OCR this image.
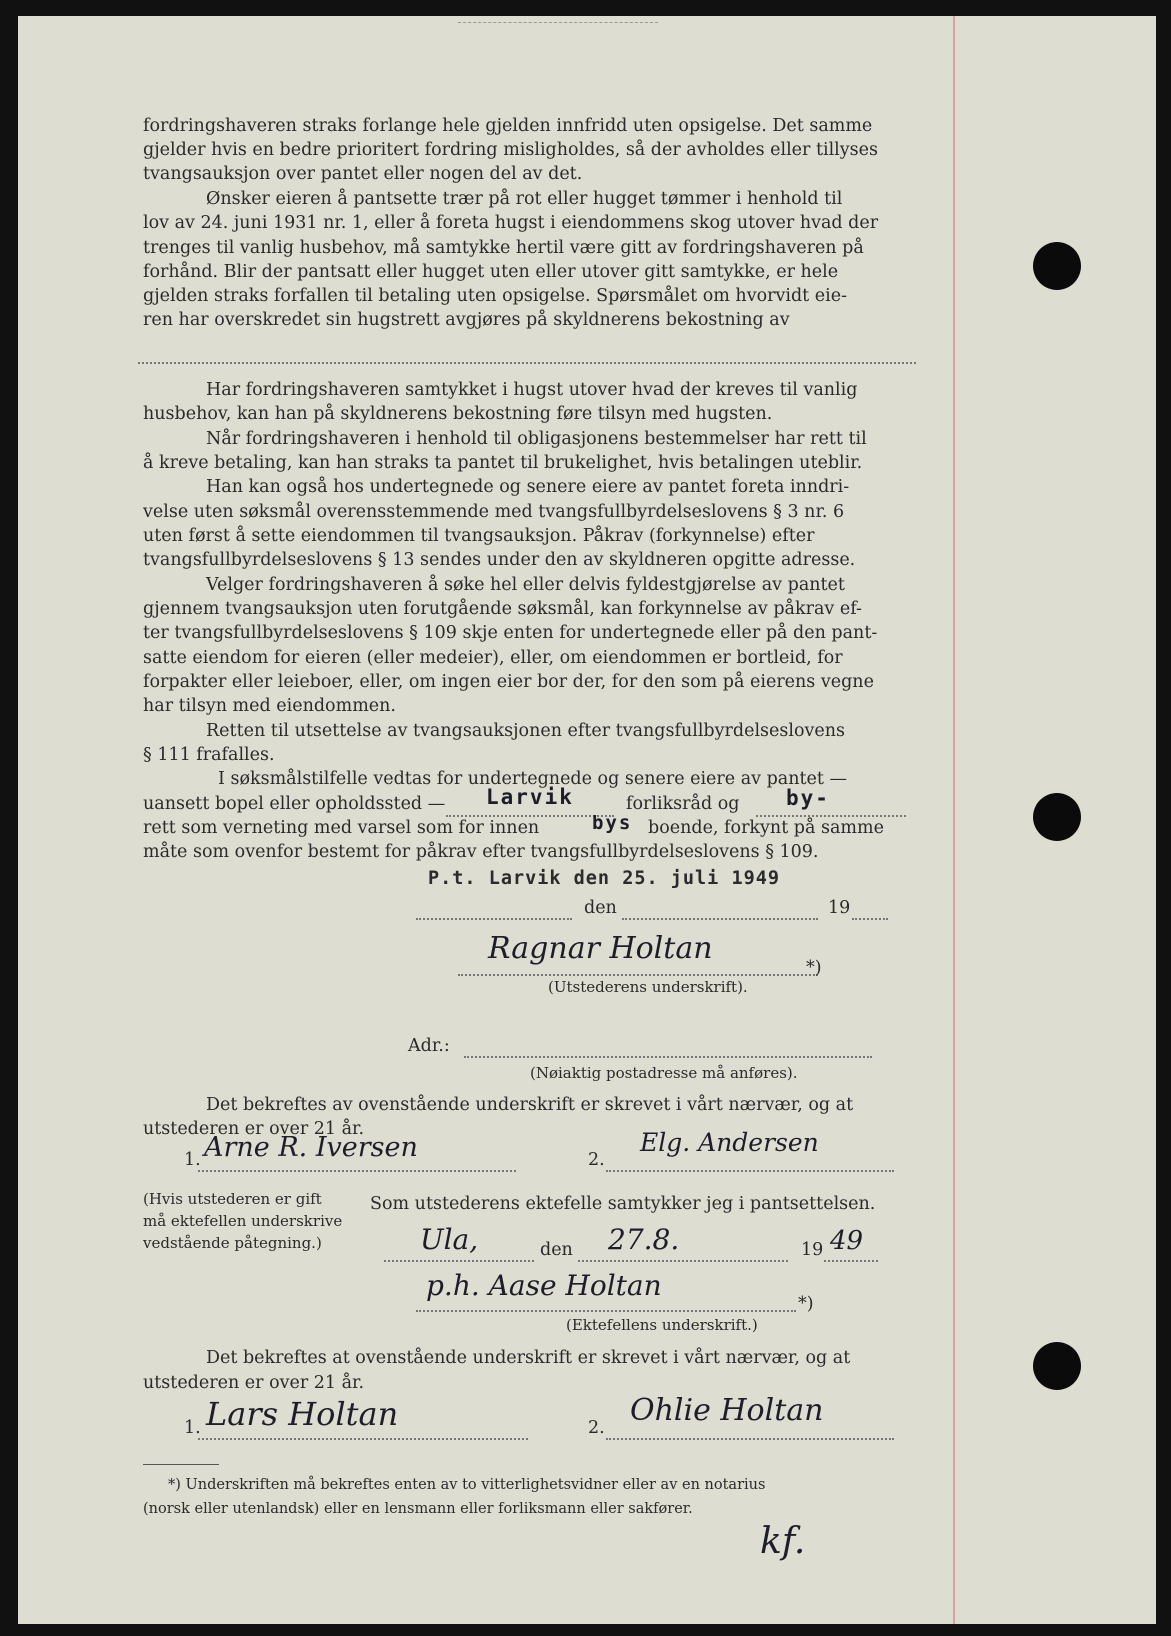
fordringshaveren straks forlange hele gjelden innfridd uten opsigelse. Det samme
gjelder hvis en bedre prioritert fordring misligholdes, så der avholdes eller tillyses
tvangsauksjon over pantet eller nogen del av det.
Ønsker eieren å pantsette trær på rot eller hugget tømmer i henhold til
lov av 24. juni 1931 nr. 1, eller å foreta hugst i eiendommens skog utover hvad der
trenges til vanlig husbehov, må samtykke hertil være gitt av fordringshaveren på
forhånd. Blir der pantsatt eller hugget uten eller utover gitt samtykke, er hele
gjelden straks forfallen til betaling uten opsigelse. Spørsmålet om hvorvidt eie-
ren har overskredet sin hugstrett avgjøres på skyldnerens bekostning av
Har fordringshaveren samtykket i hugst utover hvad der kreves til vanlig
husbehov, kan han på skyldnerens bekostning føre tilsyn med hugsten.
Når fordringshaveren i henhold til obligasjonens bestemmelser har rett til
å kreve betaling, kan han straks ta pantet til brukelighet, hvis betalingen uteblir.
Han kan også hos undertegnede og senere eiere av pantet foreta inndri-
velse uten søksmål overensstemmende med tvangsfullbyrdelseslovens § 3 nr. 6
uten først å sette eiendommen til tvangsauksjon. Påkrav (forkynnelse) efter
tvangsfullbyrdelseslovens § 13 sendes under den av skyldneren opgitte adresse.
Velger fordringshaveren å søke hel eller delvis fyldestgjørelse av pantet
gjennem tvangsauksjon uten forutgående søksmål, kan forkynnelse av påkrav ef-
ter tvangsfullbyrdelseslovens § 109 skje enten for undertegnede eller på den pant-
satte eiendom for eieren (eller medeier), eller, om eiendommen er bortleid, for
forpakter eller leieboer, eller, om ingen eier bor der, for den som på eierens vegne
har tilsyn med eiendommen.
Retten til utsettelse av tvangsauksjonen efter tvangsfullbyrdelseslovens
§ 111 frafalles.
I søksmålstilfelle vedtas for undertegnede og senere eiere av pantet —
uansett bopel eller opholdssted — Larvik	forliksråd og by-
rett som verneting med varsel som for innen	bys boende, forkynt på samme
måte som ovenfor bestemt for påkrav efter tvangsfullbyrdelseslovens § 109.
P.t. Larvik den 25. juli 1949
den	19
Ragnar Holtan
*)
(Utstederens underskrift).
Adr.:
(Nøiaktig postadresse må anføres).
Det bekreftes av ovenstående underskrift er skrevet i vårt nærvær, og at
utstederen er over 21 år.
1. Arne R. Iversen	2.
Elg. Andersen
(Hvis utstederen er gift
må ektefellen underskrive
vedstående påtegning.)
Som utstederens ektefelle samtykker jeg i pantsettelsen.
Ula,	den 27.8.	19 49
p.h. Aase Holtan
*)
(Ektefellens underskrift.)
Det bekreftes at ovenstående underskrift er skrevet i vårt nærvær, og at
utstederen er over 21 år.
1. Lars Holtan	2. Ohlie Holtan
*) Underskriften må bekreftes enten av to vitterlighetsvidner eller av en notarius
(norsk eller utenlandsk) eller en lensmann eller forliksmann eller sakfører.
kf.
